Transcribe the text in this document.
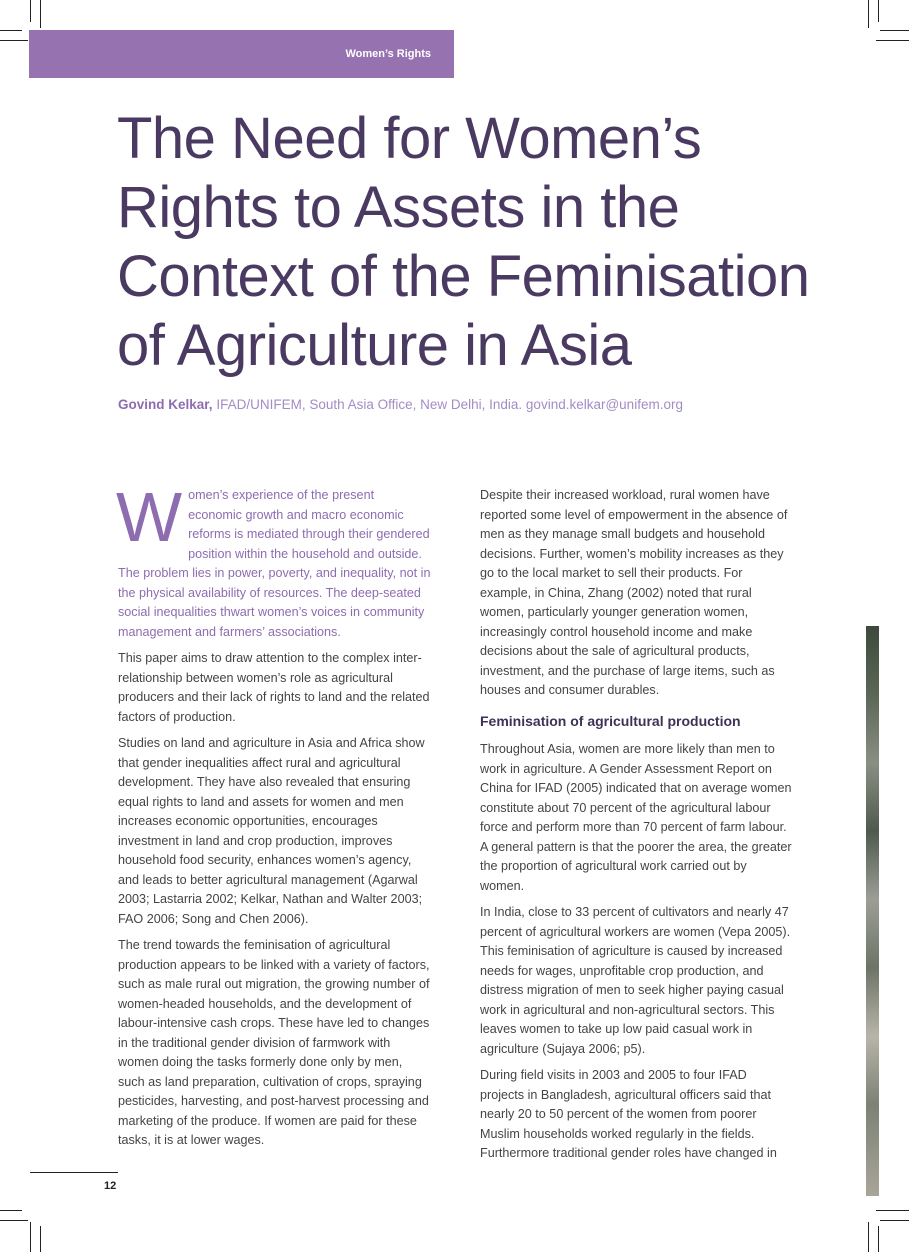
Women’s Rights
The Need for Women’s
Rights to Assets in the
Context of the Feminisation
of Agriculture in Asia
Govind Kelkar, IFAD/UNIFEM, South Asia Office, New Delhi, India. govind.kelkar@unifem.org

Women’s experience of the present economic growth and macro economic reforms is mediated through their gendered position within the household and outside. The problem lies in power, poverty, and inequality, not in the physical availability of resources. The deep-seated social inequalities thwart women’s voices in community management and farmers’ associations.

This paper aims to draw attention to the complex inter-relationship between women’s role as agricultural producers and their lack of rights to land and the related factors of production.

Studies on land and agriculture in Asia and Africa show that gender inequalities affect rural and agricultural development. They have also revealed that ensuring equal rights to land and assets for women and men increases economic opportunities, encourages investment in land and crop production, improves household food security, enhances women’s agency, and leads to better agricultural management (Agarwal 2003; Lastarria 2002; Kelkar, Nathan and Walter 2003; FAO 2006; Song and Chen 2006).

The trend towards the feminisation of agricultural production appears to be linked with a variety of factors, such as male rural out migration, the growing number of women-headed households, and the development of labour-intensive cash crops. These have led to changes in the traditional gender division of farmwork with women doing the tasks formerly done only by men, such as land preparation, cultivation of crops, spraying pesticides, harvesting, and post-harvest processing and marketing of the produce. If women are paid for these tasks, it is at lower wages.

Despite their increased workload, rural women have reported some level of empowerment in the absence of men as they manage small budgets and household decisions. Further, women’s mobility increases as they go to the local market to sell their products. For example, in China, Zhang (2002) noted that rural women, particularly younger generation women, increasingly control household income and make decisions about the sale of agricultural products, investment, and the purchase of large items, such as houses and consumer durables.

Feminisation of agricultural production

Throughout Asia, women are more likely than men to work in agriculture. A Gender Assessment Report on China for IFAD (2005) indicated that on average women constitute about 70 percent of the agricultural labour force and perform more than 70 percent of farm labour. A general pattern is that the poorer the area, the greater the proportion of agricultural work carried out by women.

In India, close to 33 percent of cultivators and nearly 47 percent of agricultural workers are women (Vepa 2005). This feminisation of agriculture is caused by increased needs for wages, unprofitable crop production, and distress migration of men to seek higher paying casual work in agricultural and non-agricultural sectors. This leaves women to take up low paid casual work in agriculture (Sujaya 2006; p5).

During field visits in 2003 and 2005 to four IFAD projects in Bangladesh, agricultural officers said that nearly 20 to 50 percent of the women from poorer Muslim households worked regularly in the fields. Furthermore traditional gender roles have changed in

12
